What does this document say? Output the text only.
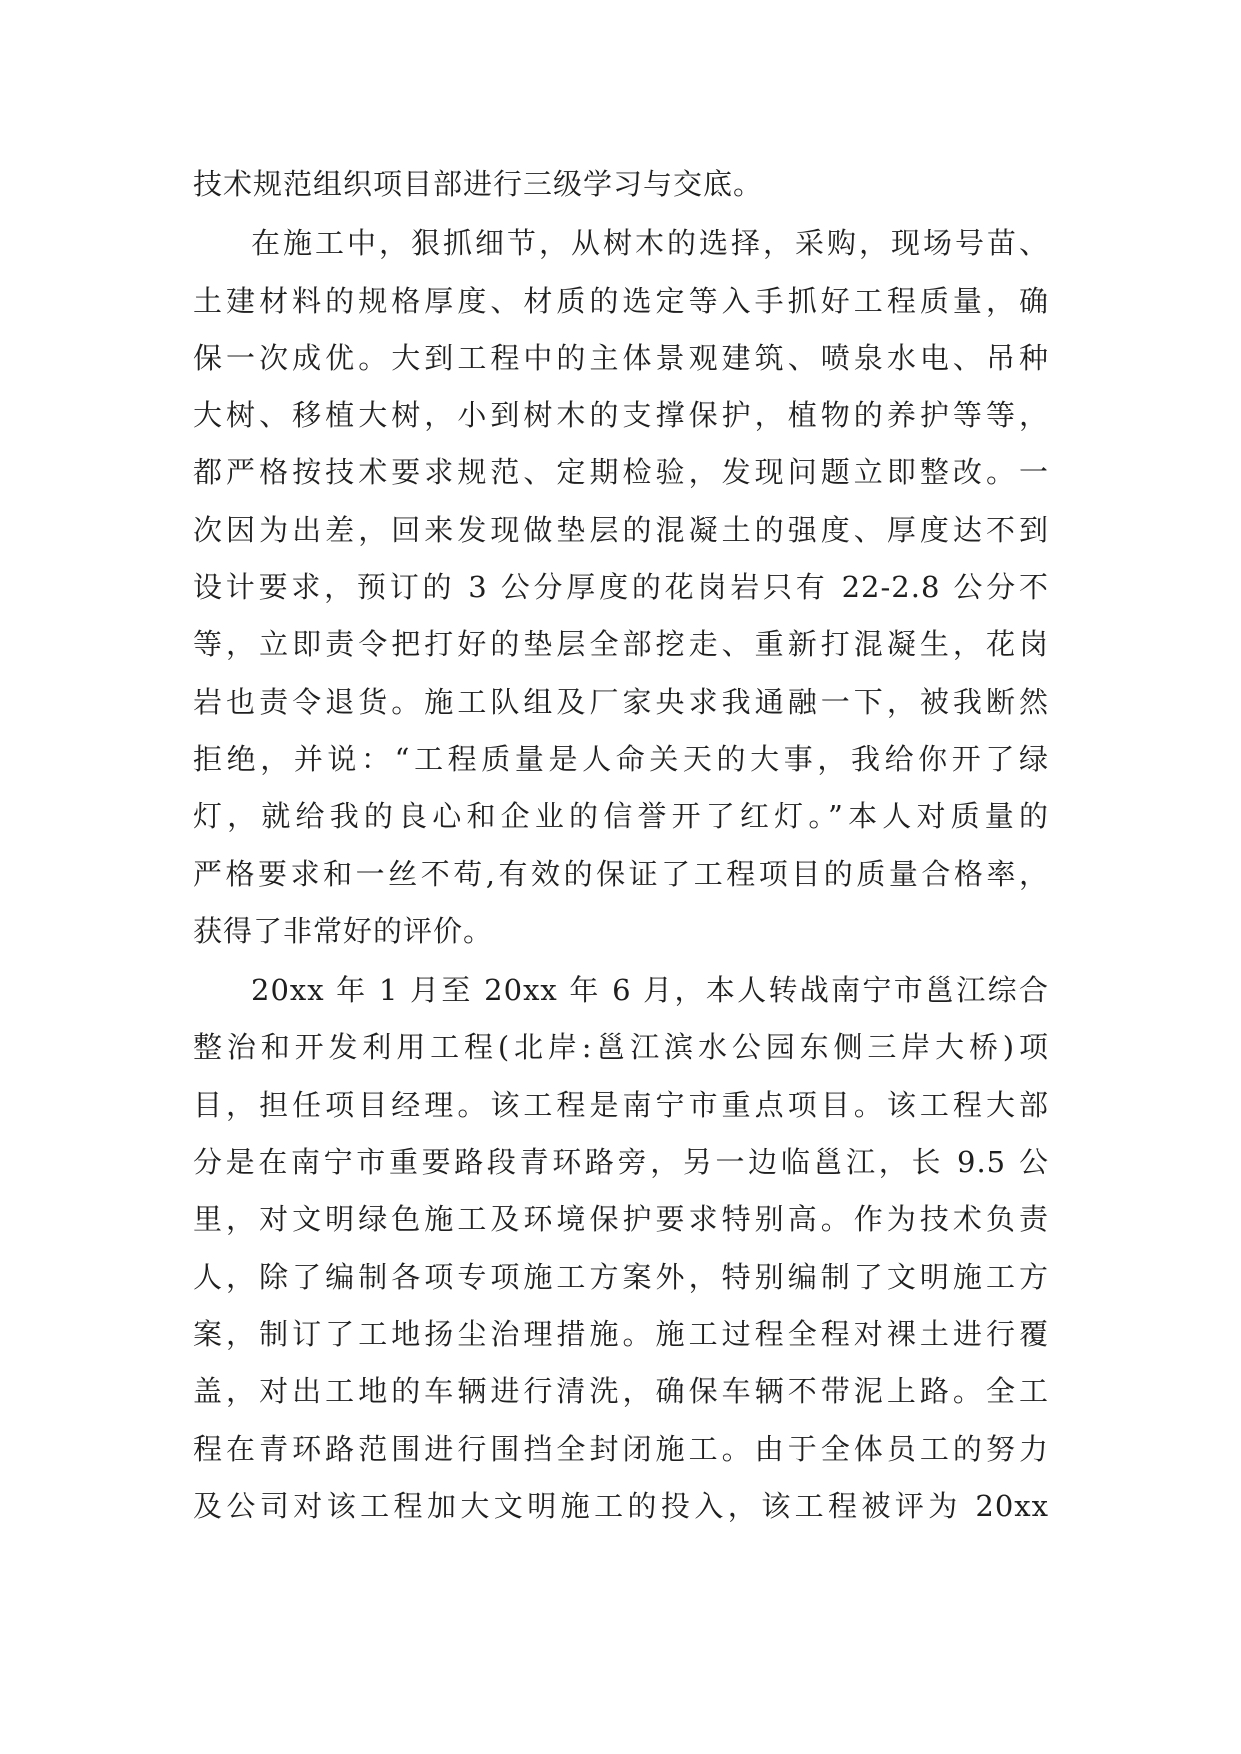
技术规范组织项目部进行三级学习与交底。
在施工中，狠抓细节，从树木的选择，采购，现场号苗、
土建材料的规格厚度、材质的选定等入手抓好工程质量，确
保一次成优。大到工程中的主体景观建筑、喷泉水电、吊种
大树、移植大树，小到树木的支撑保护，植物的养护等等，
都严格按技术要求规范、定期检验，发现问题立即整改。一
次因为出差，回来发现做垫层的混凝土的强度、厚度达不到
设计要求，预订的 3 公分厚度的花岗岩只有 22-2.8 公分不
等，立即责令把打好的垫层全部挖走、重新打混凝生，花岗
岩也责令退货。施工队组及厂家央求我通融一下，被我断然
拒绝，并说：“工程质量是人命关天的大事，我给你开了绿
灯，就给我的良心和企业的信誉开了红灯。”本人对质量的
严格要求和一丝不苟,有效的保证了工程项目的质量合格率，
获得了非常好的评价。
20xx 年 1 月至 20xx 年 6 月，本人转战南宁市邕江综合
整治和开发利用工程(北岸:邕江滨水公园东侧三岸大桥)项
目，担任项目经理。该工程是南宁市重点项目。该工程大部
分是在南宁市重要路段青环路旁，另一边临邕江，长 9.5 公
里，对文明绿色施工及环境保护要求特别高。作为技术负责
人，除了编制各项专项施工方案外，特别编制了文明施工方
案，制订了工地扬尘治理措施。施工过程全程对裸土进行覆
盖，对出工地的车辆进行清洗，确保车辆不带泥上路。全工
程在青环路范围进行围挡全封闭施工。由于全体员工的努力
及公司对该工程加大文明施工的投入，该工程被评为 20xx
